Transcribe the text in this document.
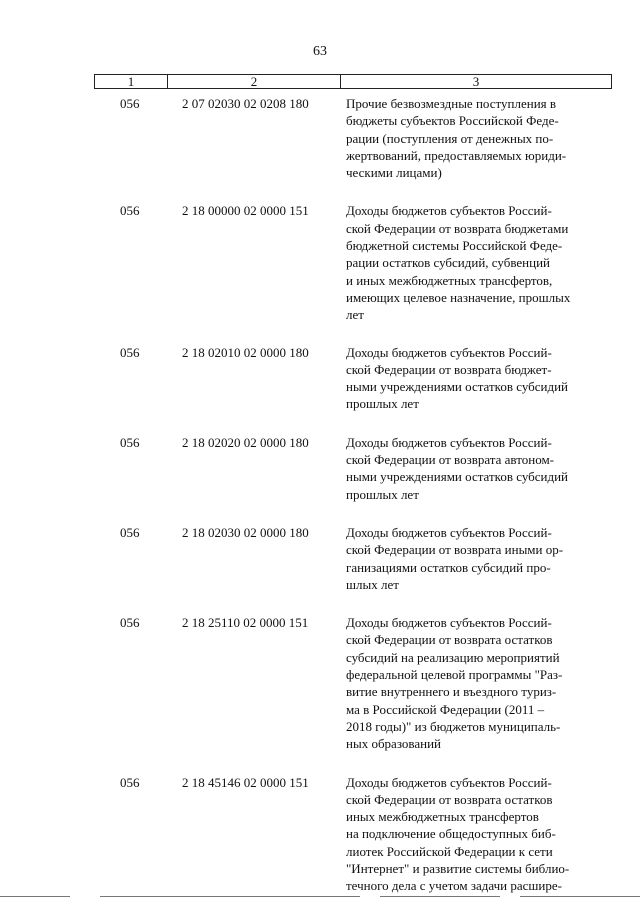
63
1	2	3
056	2 07 02030 02 0208 180	Прочие безвозмездные поступления в
бюджеты субъектов Российской Феде-
рации (поступления от денежных по-
жертвований, предоставляемых юриди-
ческими лицами)
056	2 18 00000 02 0000 151	Доходы бюджетов субъектов Россий-
ской Федерации от возврата бюджетами
бюджетной системы Российской Феде-
рации остатков субсидий, субвенций
и иных межбюджетных трансфертов,
имеющих целевое назначение, прошлых
лет
056	2 18 02010 02 0000 180	Доходы бюджетов субъектов Россий-
ской Федерации от возврата бюджет-
ными учреждениями остатков субсидий
прошлых лет
056	2 18 02020 02 0000 180	Доходы бюджетов субъектов Россий-
ской Федерации от возврата автоном-
ными учреждениями остатков субсидий
прошлых лет
056	2 18 02030 02 0000 180	Доходы бюджетов субъектов Россий-
ской Федерации от возврата иными ор-
ганизациями остатков субсидий про-
шлых лет
056	2 18 25110 02 0000 151	Доходы бюджетов субъектов Россий-
ской Федерации от возврата остатков
субсидий на реализацию мероприятий
федеральной целевой программы "Раз-
витие внутреннего и въездного туриз-
ма в Российской Федерации (2011 –
2018 годы)" из бюджетов муниципаль-
ных образований
056	2 18 45146 02 0000 151	Доходы бюджетов субъектов Россий-
ской Федерации от возврата остатков
иных межбюджетных трансфертов
на подключение общедоступных биб-
лиотек Российской Федерации к сети
"Интернет" и развитие системы библио-
течного дела с учетом задачи расшире-
